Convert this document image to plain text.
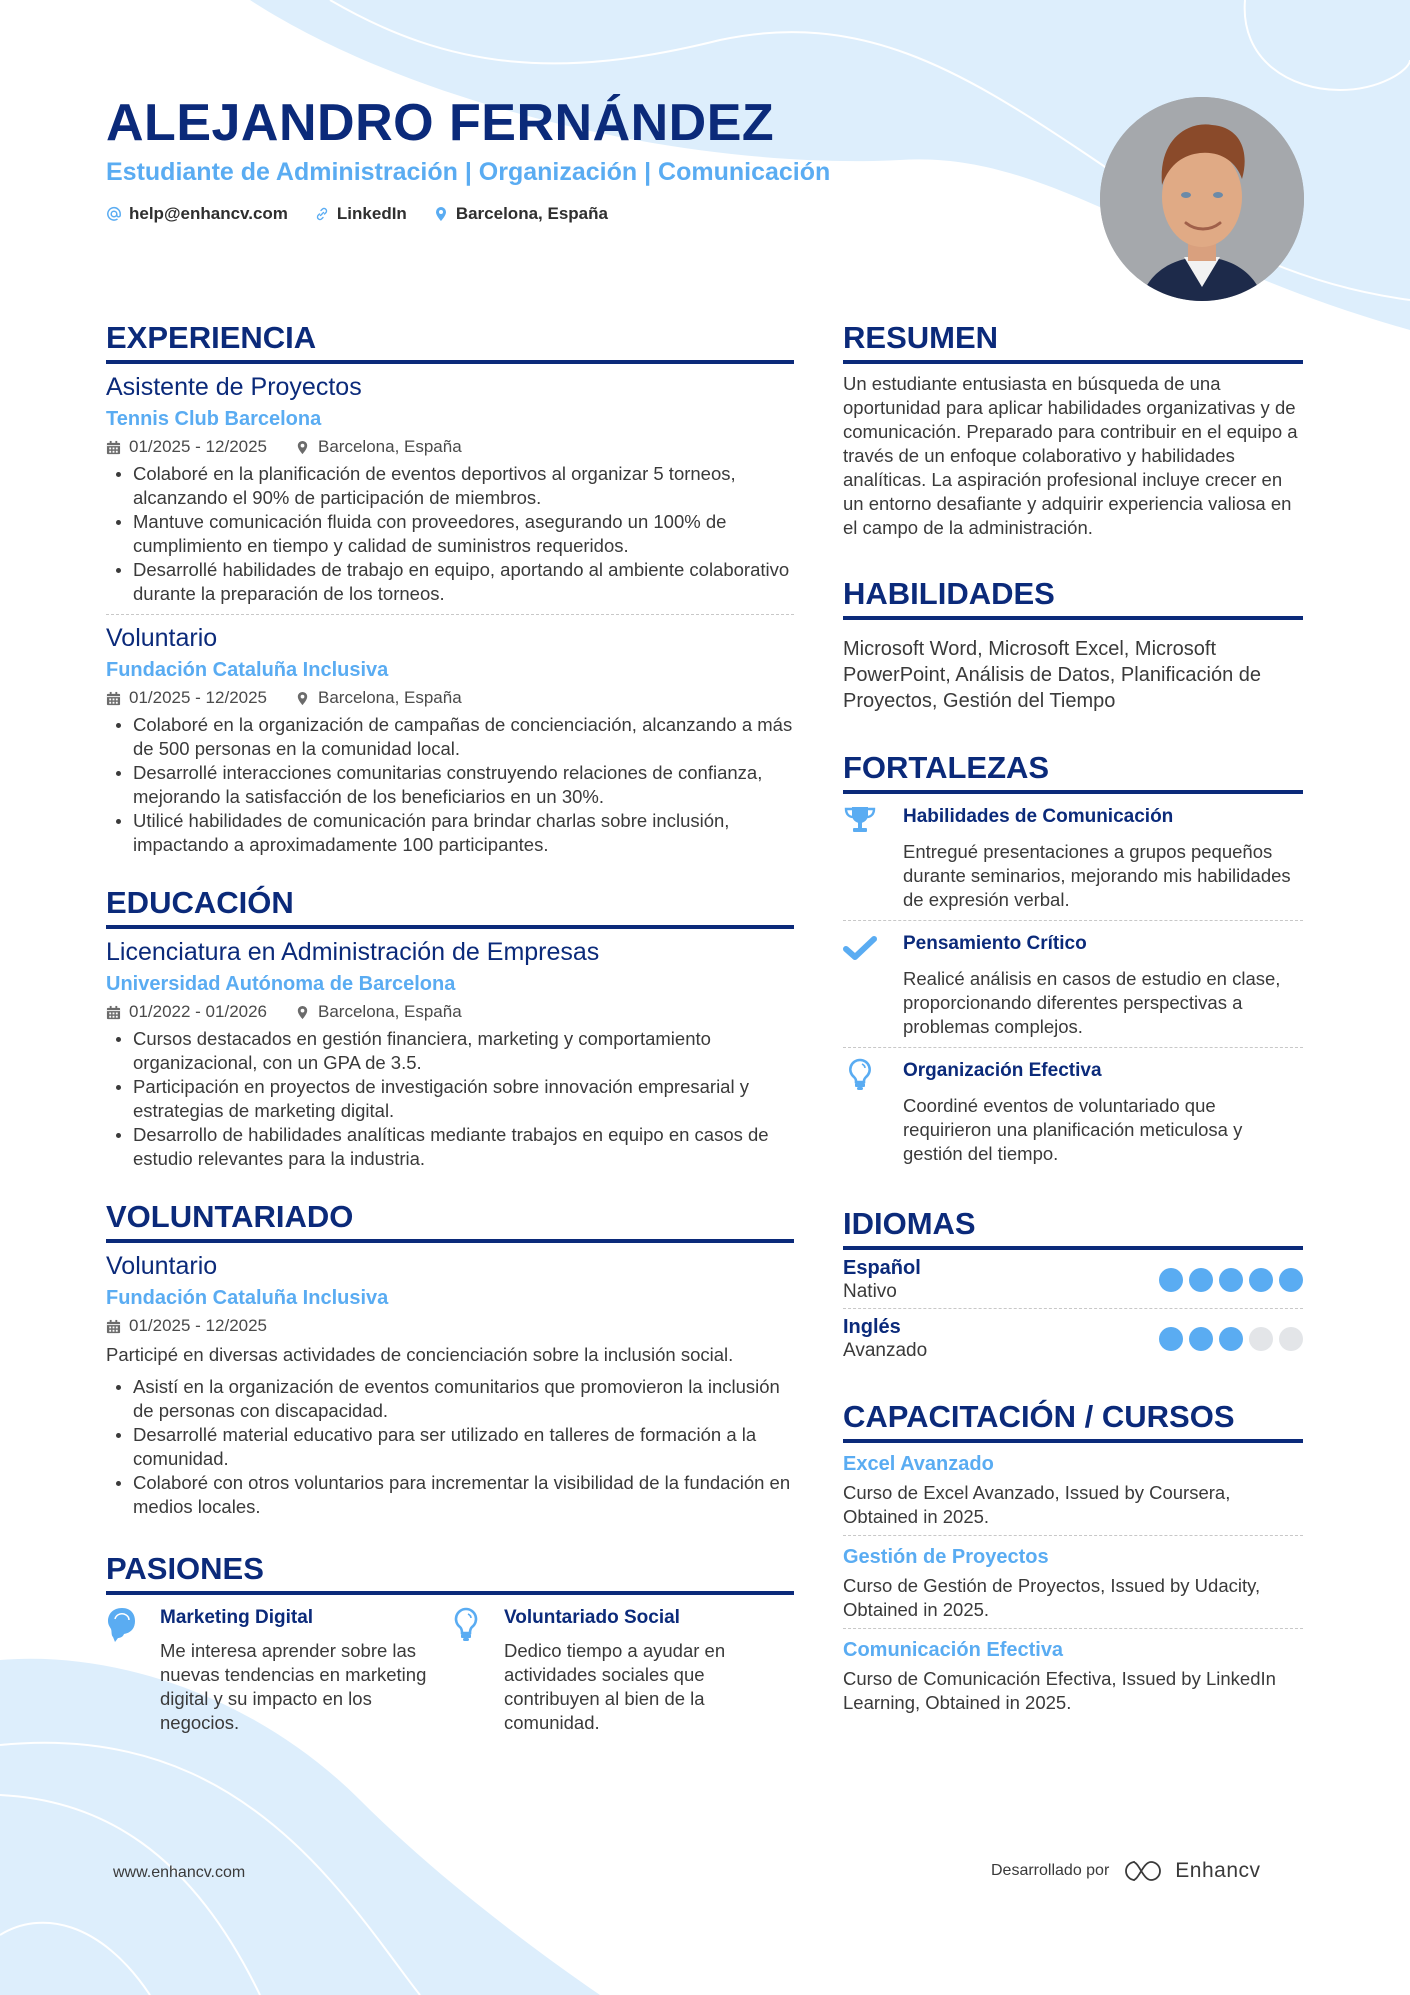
ALEJANDRO FERNÁNDEZ
Estudiante de Administración | Organización | Comunicación
help@enhancv.com	LinkedIn	Barcelona, España
EXPERIENCIA
Asistente de Proyectos
Tennis Club Barcelona
01/2025 - 12/2025	Barcelona, España
Colaboré en la planificación de eventos deportivos al organizar 5 torneos, alcanzando el 90% de participación de miembros.
Mantuve comunicación fluida con proveedores, asegurando un 100% de cumplimiento en tiempo y calidad de suministros requeridos.
Desarrollé habilidades de trabajo en equipo, aportando al ambiente colaborativo durante la preparación de los torneos.
Voluntario
Fundación Cataluña Inclusiva
01/2025 - 12/2025	Barcelona, España
Colaboré en la organización de campañas de concienciación, alcanzando a más de 500 personas en la comunidad local.
Desarrollé interacciones comunitarias construyendo relaciones de confianza, mejorando la satisfacción de los beneficiarios en un 30%.
Utilicé habilidades de comunicación para brindar charlas sobre inclusión, impactando a aproximadamente 100 participantes.
EDUCACIÓN
Licenciatura en Administración de Empresas
Universidad Autónoma de Barcelona
01/2022 - 01/2026	Barcelona, España
Cursos destacados en gestión financiera, marketing y comportamiento organizacional, con un GPA de 3.5.
Participación en proyectos de investigación sobre innovación empresarial y estrategias de marketing digital.
Desarrollo de habilidades analíticas mediante trabajos en equipo en casos de estudio relevantes para la industria.
VOLUNTARIADO
Voluntario
Fundación Cataluña Inclusiva
01/2025 - 12/2025
Participé en diversas actividades de concienciación sobre la inclusión social.
Asistí en la organización de eventos comunitarios que promovieron la inclusión de personas con discapacidad.
Desarrollé material educativo para ser utilizado en talleres de formación a la comunidad.
Colaboré con otros voluntarios para incrementar la visibilidad de la fundación en medios locales.
PASIONES
Marketing Digital
Me interesa aprender sobre las nuevas tendencias en marketing digital y su impacto en los negocios.
Voluntariado Social
Dedico tiempo a ayudar en actividades sociales que contribuyen al bien de la comunidad.
RESUMEN

Un estudiante entusiasta en búsqueda de una oportunidad para aplicar habilidades organizativas y de comunicación. Preparado para contribuir en el equipo a través de un enfoque colaborativo y habilidades analíticas. La aspiración profesional incluye crecer en un entorno desafiante y adquirir experiencia valiosa en el campo de la administración.

HABILIDADES

Microsoft Word, Microsoft Excel, Microsoft PowerPoint, Análisis de Datos, Planificación de Proyectos, Gestión del Tiempo

FORTALEZAS
Habilidades de Comunicación
Entregué presentaciones a grupos pequeños durante seminarios, mejorando mis habilidades de expresión verbal.
Pensamiento Crítico
Realicé análisis en casos de estudio en clase, proporcionando diferentes perspectivas a problemas complejos.
Organización Efectiva
Coordiné eventos de voluntariado que requirieron una planificación meticulosa y gestión del tiempo.
IDIOMAS
Español
Nativo
Inglés
Avanzado
CAPACITACIÓN / CURSOS
Excel Avanzado
Curso de Excel Avanzado, Issued by Coursera, Obtained in 2025.
Gestión de Proyectos
Curso de Gestión de Proyectos, Issued by Udacity, Obtained in 2025.
Comunicación Efectiva
Curso de Comunicación Efectiva, Issued by LinkedIn Learning, Obtained in 2025.
www.enhancv.com	Desarrollado por	Enhancv
